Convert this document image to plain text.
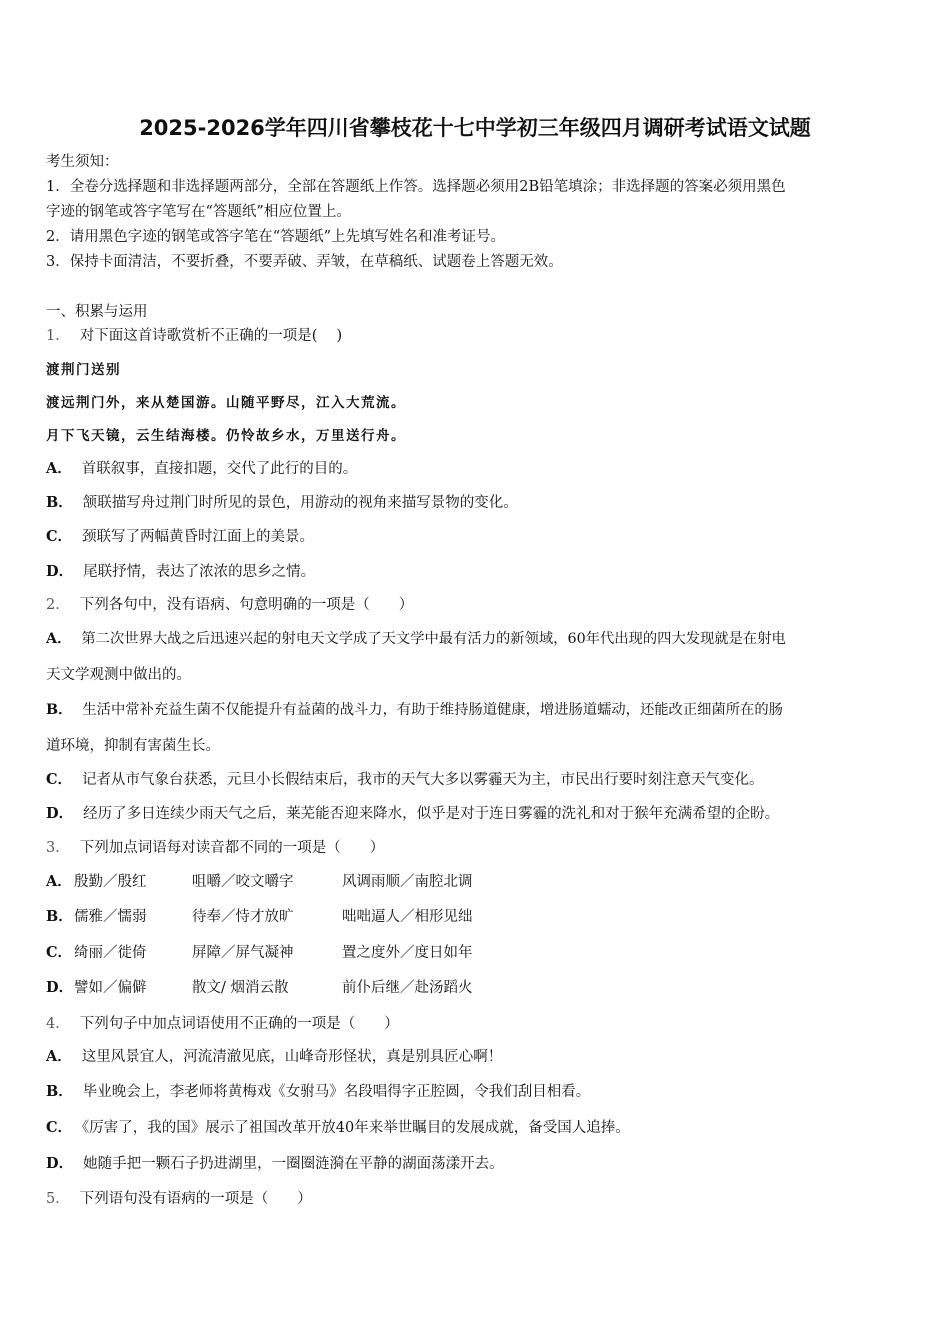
2025-2026学年四川省攀枝花十七中学初三年级四月调研考试语文试题
考生须知：
1．全卷分选择题和非选择题两部分，全部在答题纸上作答。选择题必须用2B铅笔填涂；非选择题的答案必须用黑色
字迹的钢笔或答字笔写在“答题纸”相应位置上。
2．请用黑色字迹的钢笔或答字笔在“答题纸”上先填写姓名和准考证号。
3．保持卡面清洁，不要折叠，不要弄破、弄皱，在草稿纸、试题卷上答题无效。
一、积累与运用
1． 对下面这首诗歌赏析不正确的一项是(　 )
渡荆门送别
渡远荆门外，来从楚国游。山随平野尽，江入大荒流。
月下飞天镜，云生结海楼。仍怜故乡水，万里送行舟。
A． 首联叙事，直接扣题，交代了此行的目的。
B． 颔联描写舟过荆门时所见的景色，用游动的视角来描写景物的变化。
C． 颈联写了两幅黄昏时江面上的美景。
D． 尾联抒情，表达了浓浓的思乡之情。
2． 下列各句中，没有语病、句意明确的一项是（　　）
A． 第二次世界大战之后迅速兴起的射电天文学成了天文学中最有活力的新领域，60年代出现的四大发现就是在射电
天文学观测中做出的。
B． 生活中常补充益生菌不仅能提升有益菌的战斗力，有助于维持肠道健康，增进肠道蠕动，还能改正细菌所在的肠
道环境，抑制有害菌生长。
C． 记者从市气象台获悉，元旦小长假结束后，我市的天气大多以雾霾天为主，市民出行要时刻注意天气变化。
D． 经历了多日连续少雨天气之后，莱芜能否迎来降水，似乎是对于连日雾霾的洗礼和对于猴年充满希望的企盼。
3． 下列加点词语每对读音都不同的一项是（　　）
A． 殷勤／殷红	咀嚼／咬文嚼字	风调雨顺／南腔北调
B． 儒雅／懦弱	待奉／恃才放旷	咄咄逼人／相形见绌
C． 绮丽／徙倚	屏障／屏气凝神	置之度外／度日如年
D． 譬如／偏僻	散文/ 烟消云散	前仆后继／赴汤蹈火
4． 下列句子中加点词语使用不正确的一项是（　　）
A． 这里风景宜人，河流清澈见底，山峰奇形怪状，真是别具匠心啊！
B． 毕业晚会上，李老师将黄梅戏《女驸马》名段唱得字正腔圆，令我们刮目相看。
C． 《厉害了，我的国》展示了祖国改革开放40年来举世瞩目的发展成就，备受国人追捧。
D． 她随手把一颗石子扔进湖里，一圈圈涟漪在平静的湖面荡漾开去。
5． 下列语句没有语病的一项是（　　）
